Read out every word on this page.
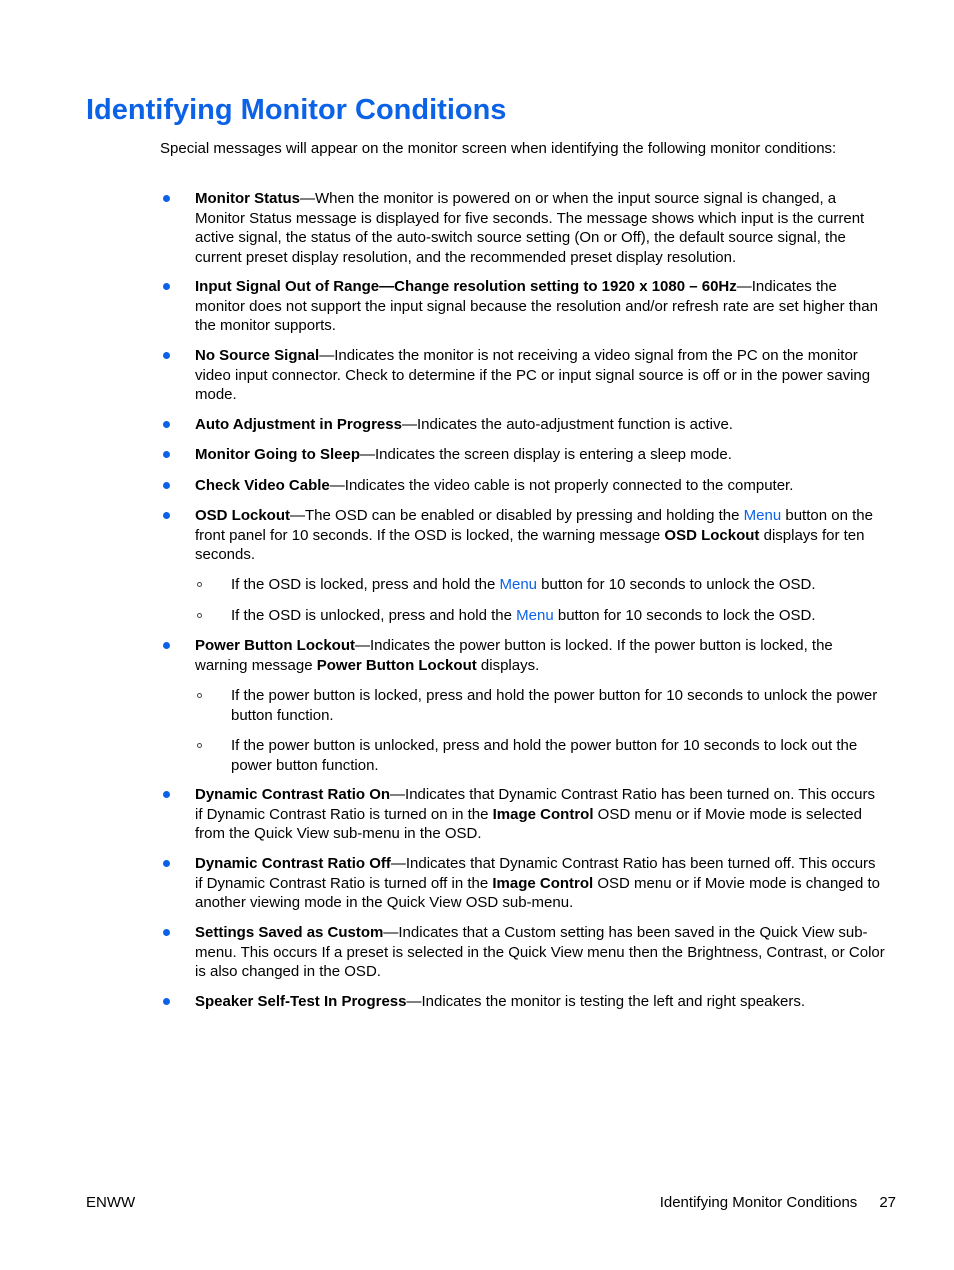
Identifying Monitor Conditions

Special messages will appear on the monitor screen when identifying the following monitor conditions:

Monitor Status—When the monitor is powered on or when the input source signal is changed, a Monitor Status message is displayed for five seconds. The message shows which input is the current active signal, the status of the auto-switch source setting (On or Off), the default source signal, the current preset display resolution, and the recommended preset display resolution.
Input Signal Out of Range—Change resolution setting to 1920 x 1080 – 60Hz—Indicates the monitor does not support the input signal because the resolution and/or refresh rate are set higher than the monitor supports.
No Source Signal—Indicates the monitor is not receiving a video signal from the PC on the monitor video input connector. Check to determine if the PC or input signal source is off or in the power saving mode.
Auto Adjustment in Progress—Indicates the auto-adjustment function is active.
Monitor Going to Sleep—Indicates the screen display is entering a sleep mode.
Check Video Cable—Indicates the video cable is not properly connected to the computer.
OSD Lockout—The OSD can be enabled or disabled by pressing and holding the Menu button on the front panel for 10 seconds. If the OSD is locked, the warning message OSD Lockout displays for ten seconds.
If the OSD is locked, press and hold the Menu button for 10 seconds to unlock the OSD.
If the OSD is unlocked, press and hold the Menu button for 10 seconds to lock the OSD.
Power Button Lockout—Indicates the power button is locked. If the power button is locked, the warning message Power Button Lockout displays.
If the power button is locked, press and hold the power button for 10 seconds to unlock the power button function.
If the power button is unlocked, press and hold the power button for 10 seconds to lock out the power button function.
Dynamic Contrast Ratio On—Indicates that Dynamic Contrast Ratio has been turned on. This occurs if Dynamic Contrast Ratio is turned on in the Image Control OSD menu or if Movie mode is selected from the Quick View sub-menu in the OSD.
Dynamic Contrast Ratio Off—Indicates that Dynamic Contrast Ratio has been turned off. This occurs if Dynamic Contrast Ratio is turned off in the Image Control OSD menu or if Movie mode is changed to another viewing mode in the Quick View OSD sub-menu.
Settings Saved as Custom—Indicates that a Custom setting has been saved in the Quick View sub-menu. This occurs If a preset is selected in the Quick View menu then the Brightness, Contrast, or Color is also changed in the OSD.
Speaker Self-Test In Progress—Indicates the monitor is testing the left and right speakers.
ENWW	Identifying Monitor Conditions 27
